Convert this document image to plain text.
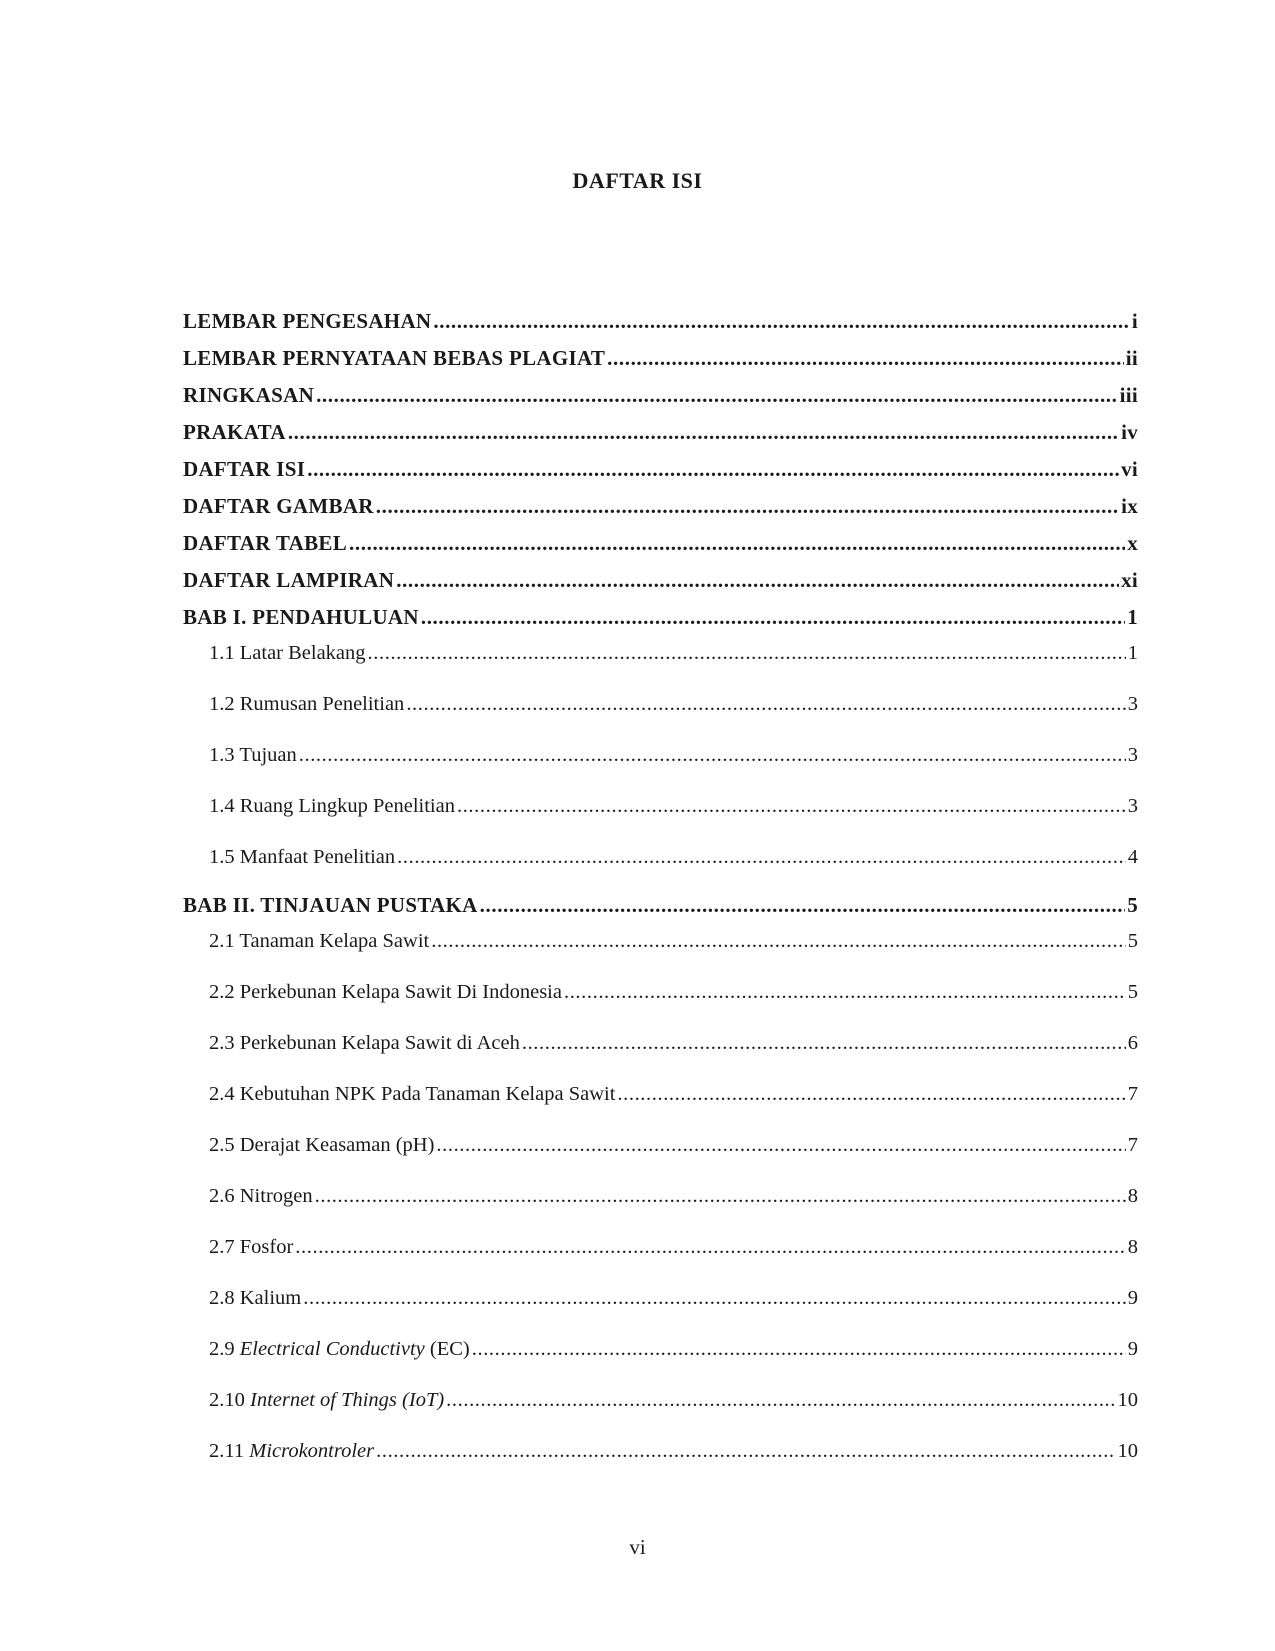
DAFTAR ISI
LEMBAR PENGESAHAN .....	i
LEMBAR PERNYATAAN BEBAS PLAGIAT .....	ii
RINGKASAN .....	iii
PRAKATA .....	iv
DAFTAR ISI .....	vi
DAFTAR GAMBAR .....	ix
DAFTAR TABEL .....	x
DAFTAR LAMPIRAN .....	xi
BAB I. PENDAHULUAN .....	1
1.1 Latar Belakang .....	1
1.2 Rumusan Penelitian .....	3
1.3 Tujuan .....	3
1.4 Ruang Lingkup Penelitian .....	3
1.5 Manfaat Penelitian .....	4
BAB II. TINJAUAN PUSTAKA .....	5
2.1 Tanaman Kelapa Sawit .....	5
2.2 Perkebunan Kelapa Sawit Di Indonesia .....	5
2.3 Perkebunan Kelapa Sawit di Aceh .....	6
2.4 Kebutuhan NPK Pada Tanaman Kelapa Sawit .....	7
2.5 Derajat Keasaman (pH) .....	7
2.6 Nitrogen .....	8
2.7 Fosfor .....	8
2.8 Kalium .....	9
2.9 Electrical Conductivty (EC) .....	9
2.10 Internet of Things (IoT) .....	10
2.11 Microkontroler .....	10
vi
